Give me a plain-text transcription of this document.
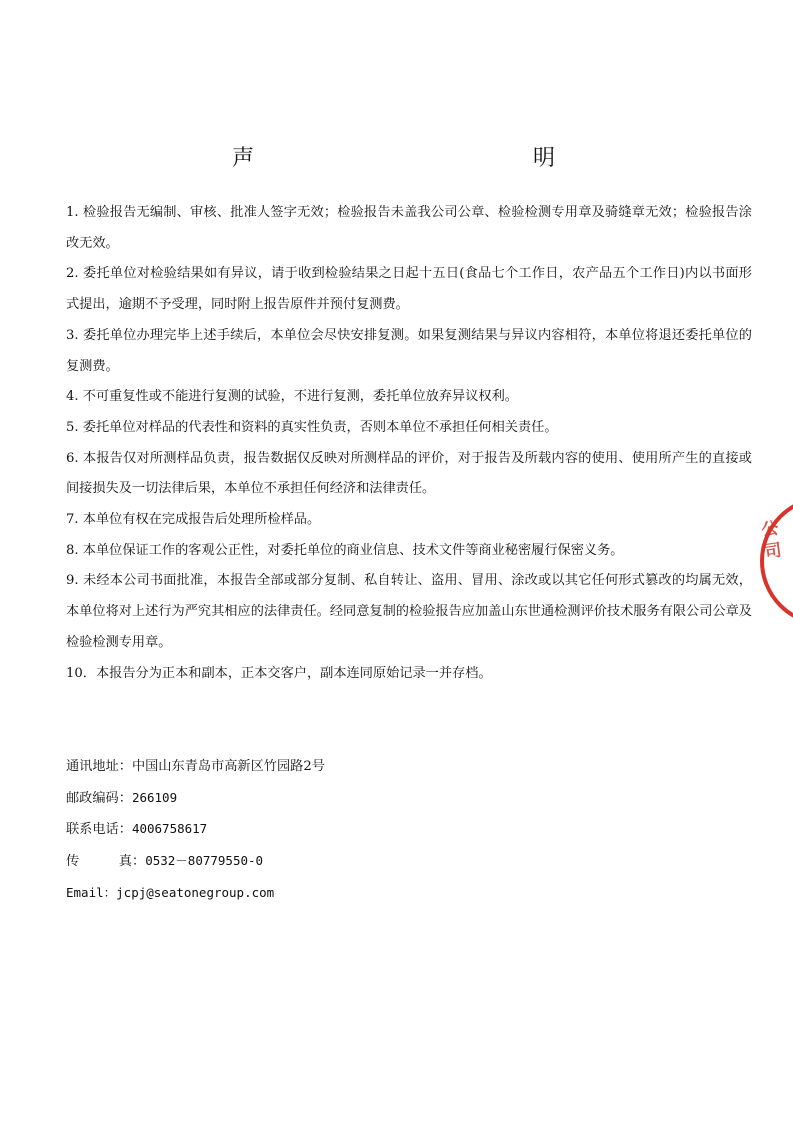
声	明
1. 检验报告无编制、审核、批准人签字无效；检验报告未盖我公司公章、检验检测专用章及骑缝章无效；检验报告涂改无效。
2. 委托单位对检验结果如有异议，请于收到检验结果之日起十五日(食品七个工作日，农产品五个工作日)内以书面形式提出，逾期不予受理，同时附上报告原件并预付复测费。
3. 委托单位办理完毕上述手续后，本单位会尽快安排复测。如果复测结果与异议内容相符，本单位将退还委托单位的复测费。
4. 不可重复性或不能进行复测的试验，不进行复测，委托单位放弃异议权利。
5. 委托单位对样品的代表性和资料的真实性负责，否则本单位不承担任何相关责任。
6. 本报告仅对所测样品负责，报告数据仅反映对所测样品的评价，对于报告及所载内容的使用、使用所产生的直接或间接损失及一切法律后果，本单位不承担任何经济和法律责任。
7. 本单位有权在完成报告后处理所检样品。
8. 本单位保证工作的客观公正性，对委托单位的商业信息、技术文件等商业秘密履行保密义务。
9. 未经本公司书面批准，本报告全部或部分复制、私自转让、盗用、冒用、涂改或以其它任何形式篡改的均属无效，本单位将对上述行为严究其相应的法律责任。经同意复制的检验报告应加盖山东世通检测评价技术服务有限公司公章及检验检测专用章。
10．本报告分为正本和副本，正本交客户，副本连同原始记录一并存档。
通讯地址：中国山东青岛市高新区竹园路2号
邮政编码：266109
联系电话：4006758617
传 真：0532－80779550-0
Email：jcpj@seatonegroup.com
公司
